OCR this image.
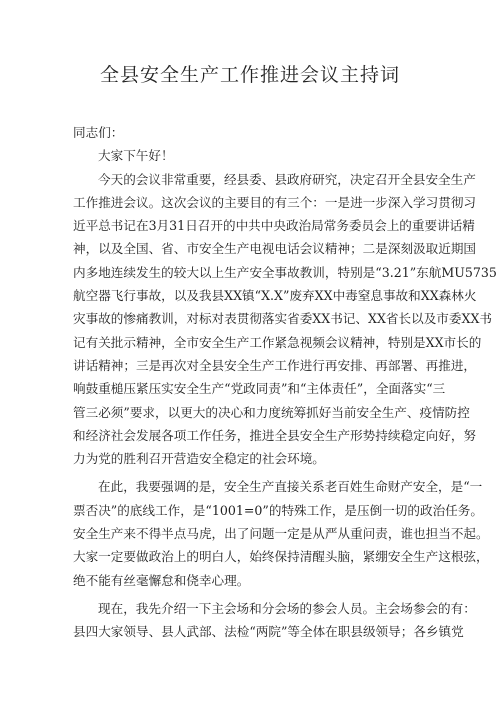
全县安全生产工作推进会议主持词
同志们：
大家下午好！
今天的会议非常重要，经县委、县政府研究，决定召开全县安全生产
工作推进会议。这次会议的主要目的有三个：一是进一步深入学习贯彻习
近平总书记在3月31日召开的中共中央政治局常务委员会上的重要讲话精
神，以及全国、省、市安全生产电视电话会议精神；二是深刻汲取近期国
内多地连续发生的较大以上生产安全事故教训，特别是“3.21”东航MU5735
航空器飞行事故，以及我县XX镇“X.X”废弃XX中毒窒息事故和XX森林火
灾事故的惨痛教训，对标对表贯彻落实省委XX书记、XX省长以及市委XX书
记有关批示精神，全市安全生产工作紧急视频会议精神，特别是XX市长的
讲话精神；三是再次对全县安全生产工作进行再安排、再部署、再推进，
响鼓重槌压紧压实安全生产“党政同责”和“主体责任”，全面落实“三
管三必须”要求，以更大的决心和力度统筹抓好当前安全生产、疫情防控
和经济社会发展各项工作任务，推进全县安全生产形势持续稳定向好，努
力为党的胜利召开营造安全稳定的社会环境。
在此，我要强调的是，安全生产直接关系老百姓生命财产安全，是“一
票否决”的底线工作，是“1001=0”的特殊工作，是压倒一切的政治任务。
安全生产来不得半点马虎，出了问题一定是从严从重问责，谁也担当不起。
大家一定要做政治上的明白人，始终保持清醒头脑，紧绷安全生产这根弦，
绝不能有丝毫懈怠和侥幸心理。
现在，我先介绍一下主会场和分会场的参会人员。主会场参会的有：
县四大家领导、县人武部、法检“两院”等全体在职县级领导；各乡镇党
